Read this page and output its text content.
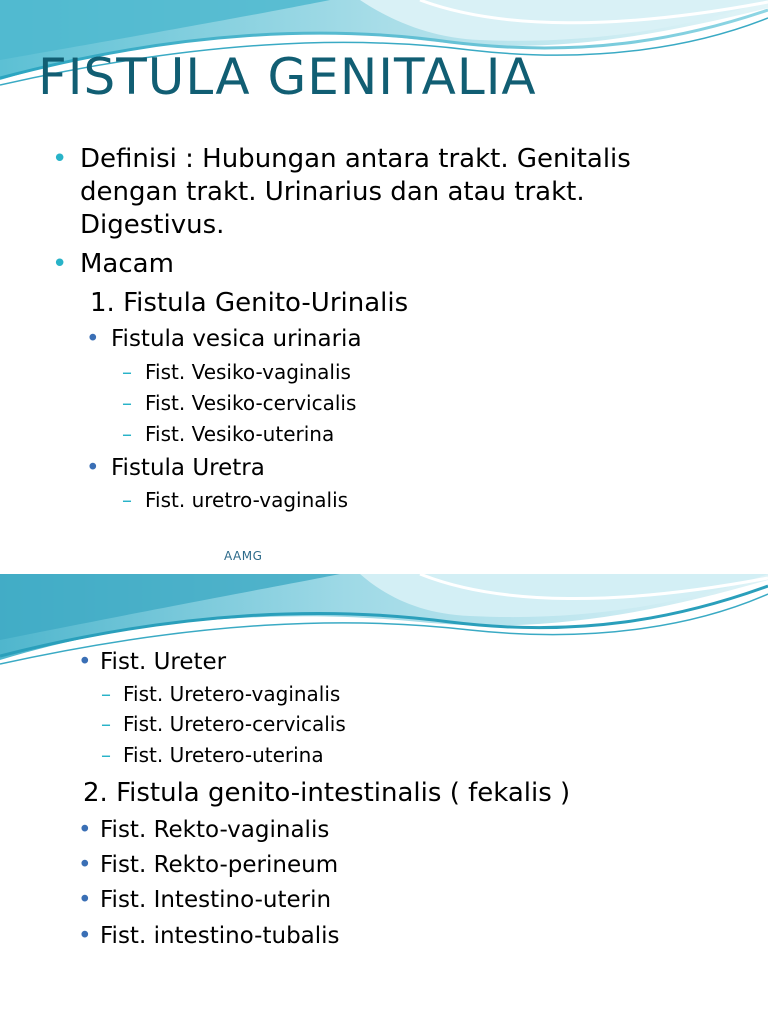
FISTULA GENITALIA
• Definisi : Hubungan antara trakt. Genitalis
dengan trakt. Urinarius dan atau trakt.
Digestivus.
• Macam
1. Fistula Genito-Urinalis
• Fistula vesica urinaria
– Fist. Vesiko-vaginalis
– Fist. Vesiko-cervicalis
– Fist. Vesiko-uterina
• Fistula Uretra
– Fist. uretro-vaginalis
AAMG
• Fist. Ureter
– Fist. Uretero-vaginalis
– Fist. Uretero-cervicalis
– Fist. Uretero-uterina
2. Fistula genito-intestinalis ( fekalis )
• Fist. Rekto-vaginalis
• Fist. Rekto-perineum
• Fist. Intestino-uterin
• Fist. intestino-tubalis
